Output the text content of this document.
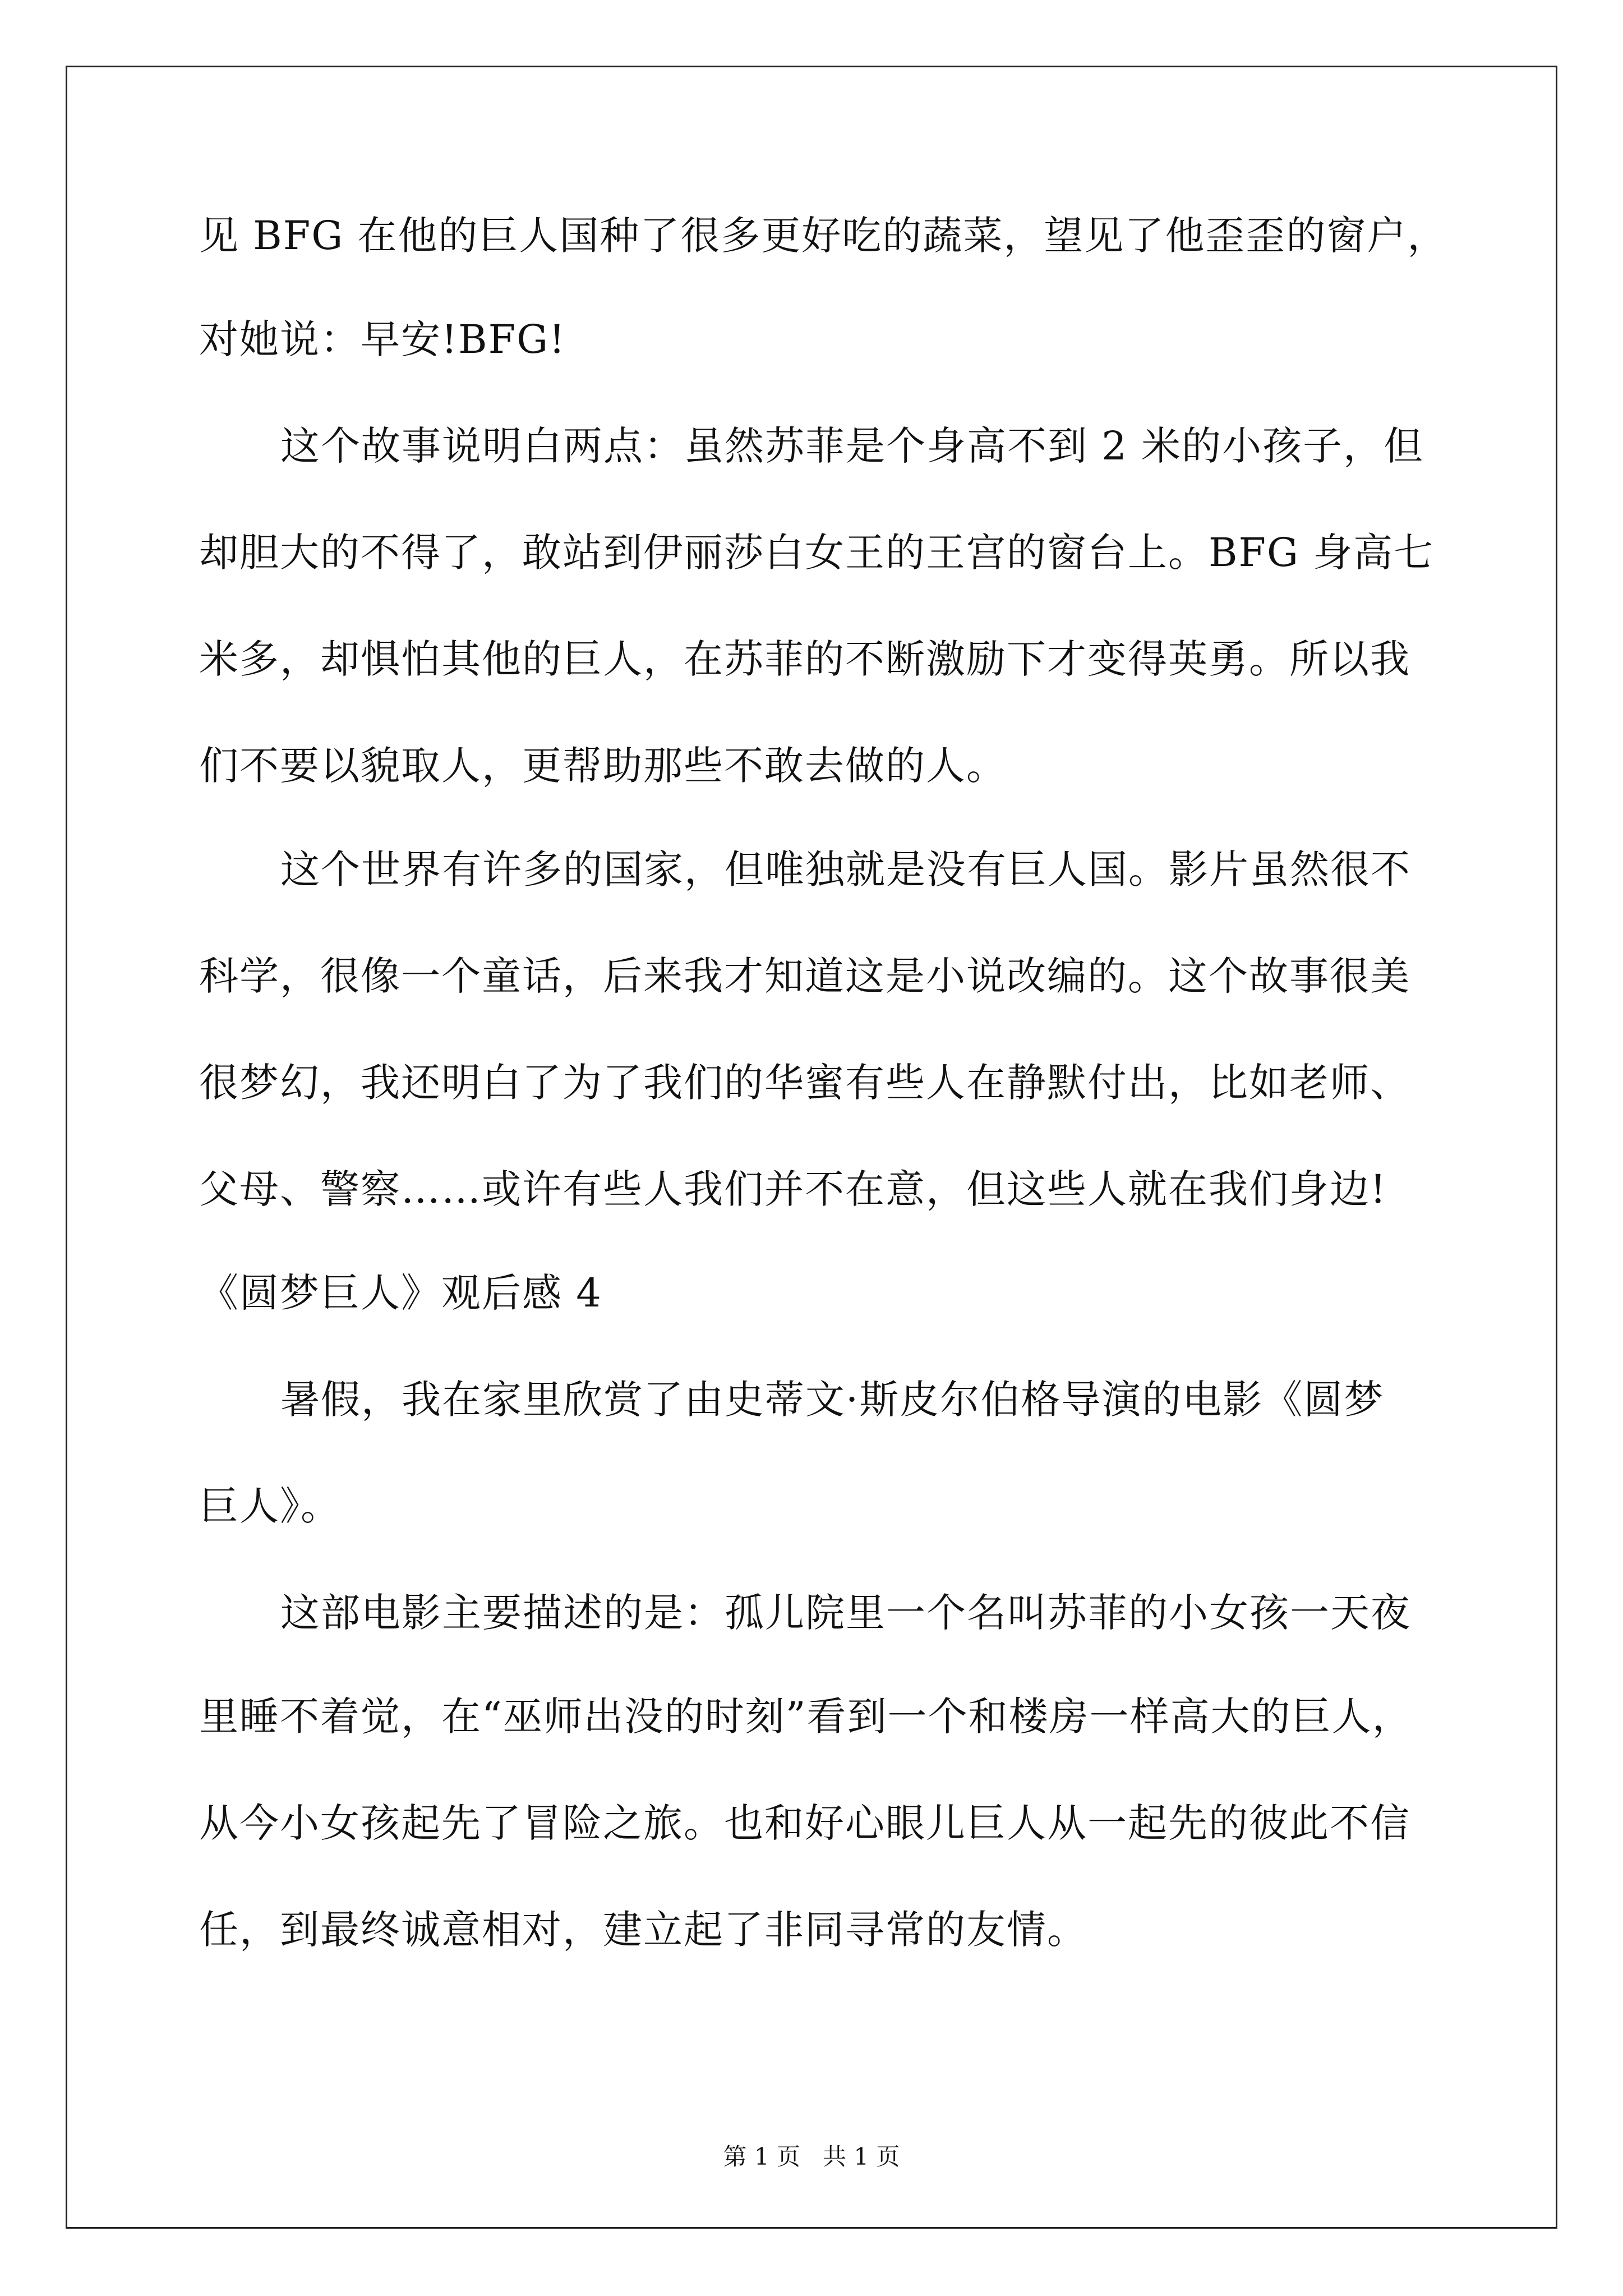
见 BFG 在他的巨人国种了很多更好吃的蔬菜，望见了他歪歪的窗户，

对她说：早安!BFG!

这个故事说明白两点：虽然苏菲是个身高不到 2 米的小孩子，但

却胆大的不得了，敢站到伊丽莎白女王的王宫的窗台上。BFG 身高七

米多，却惧怕其他的巨人，在苏菲的不断激励下才变得英勇。所以我

们不要以貌取人，更帮助那些不敢去做的人。

这个世界有许多的国家，但唯独就是没有巨人国。影片虽然很不

科学，很像一个童话，后来我才知道这是小说改编的。这个故事很美

很梦幻，我还明白了为了我们的华蜜有些人在静默付出，比如老师、

父母、警察……或许有些人我们并不在意，但这些人就在我们身边!

《圆梦巨人》观后感 4

暑假，我在家里欣赏了由史蒂文·斯皮尔伯格导演的电影《圆梦

巨人》。

这部电影主要描述的是：孤儿院里一个名叫苏菲的小女孩一天夜

里睡不着觉，在“巫师出没的时刻”看到一个和楼房一样高大的巨人，

从今小女孩起先了冒险之旅。也和好心眼儿巨人从一起先的彼此不信

任，到最终诚意相对，建立起了非同寻常的友情。

第 1 页   共 1 页
